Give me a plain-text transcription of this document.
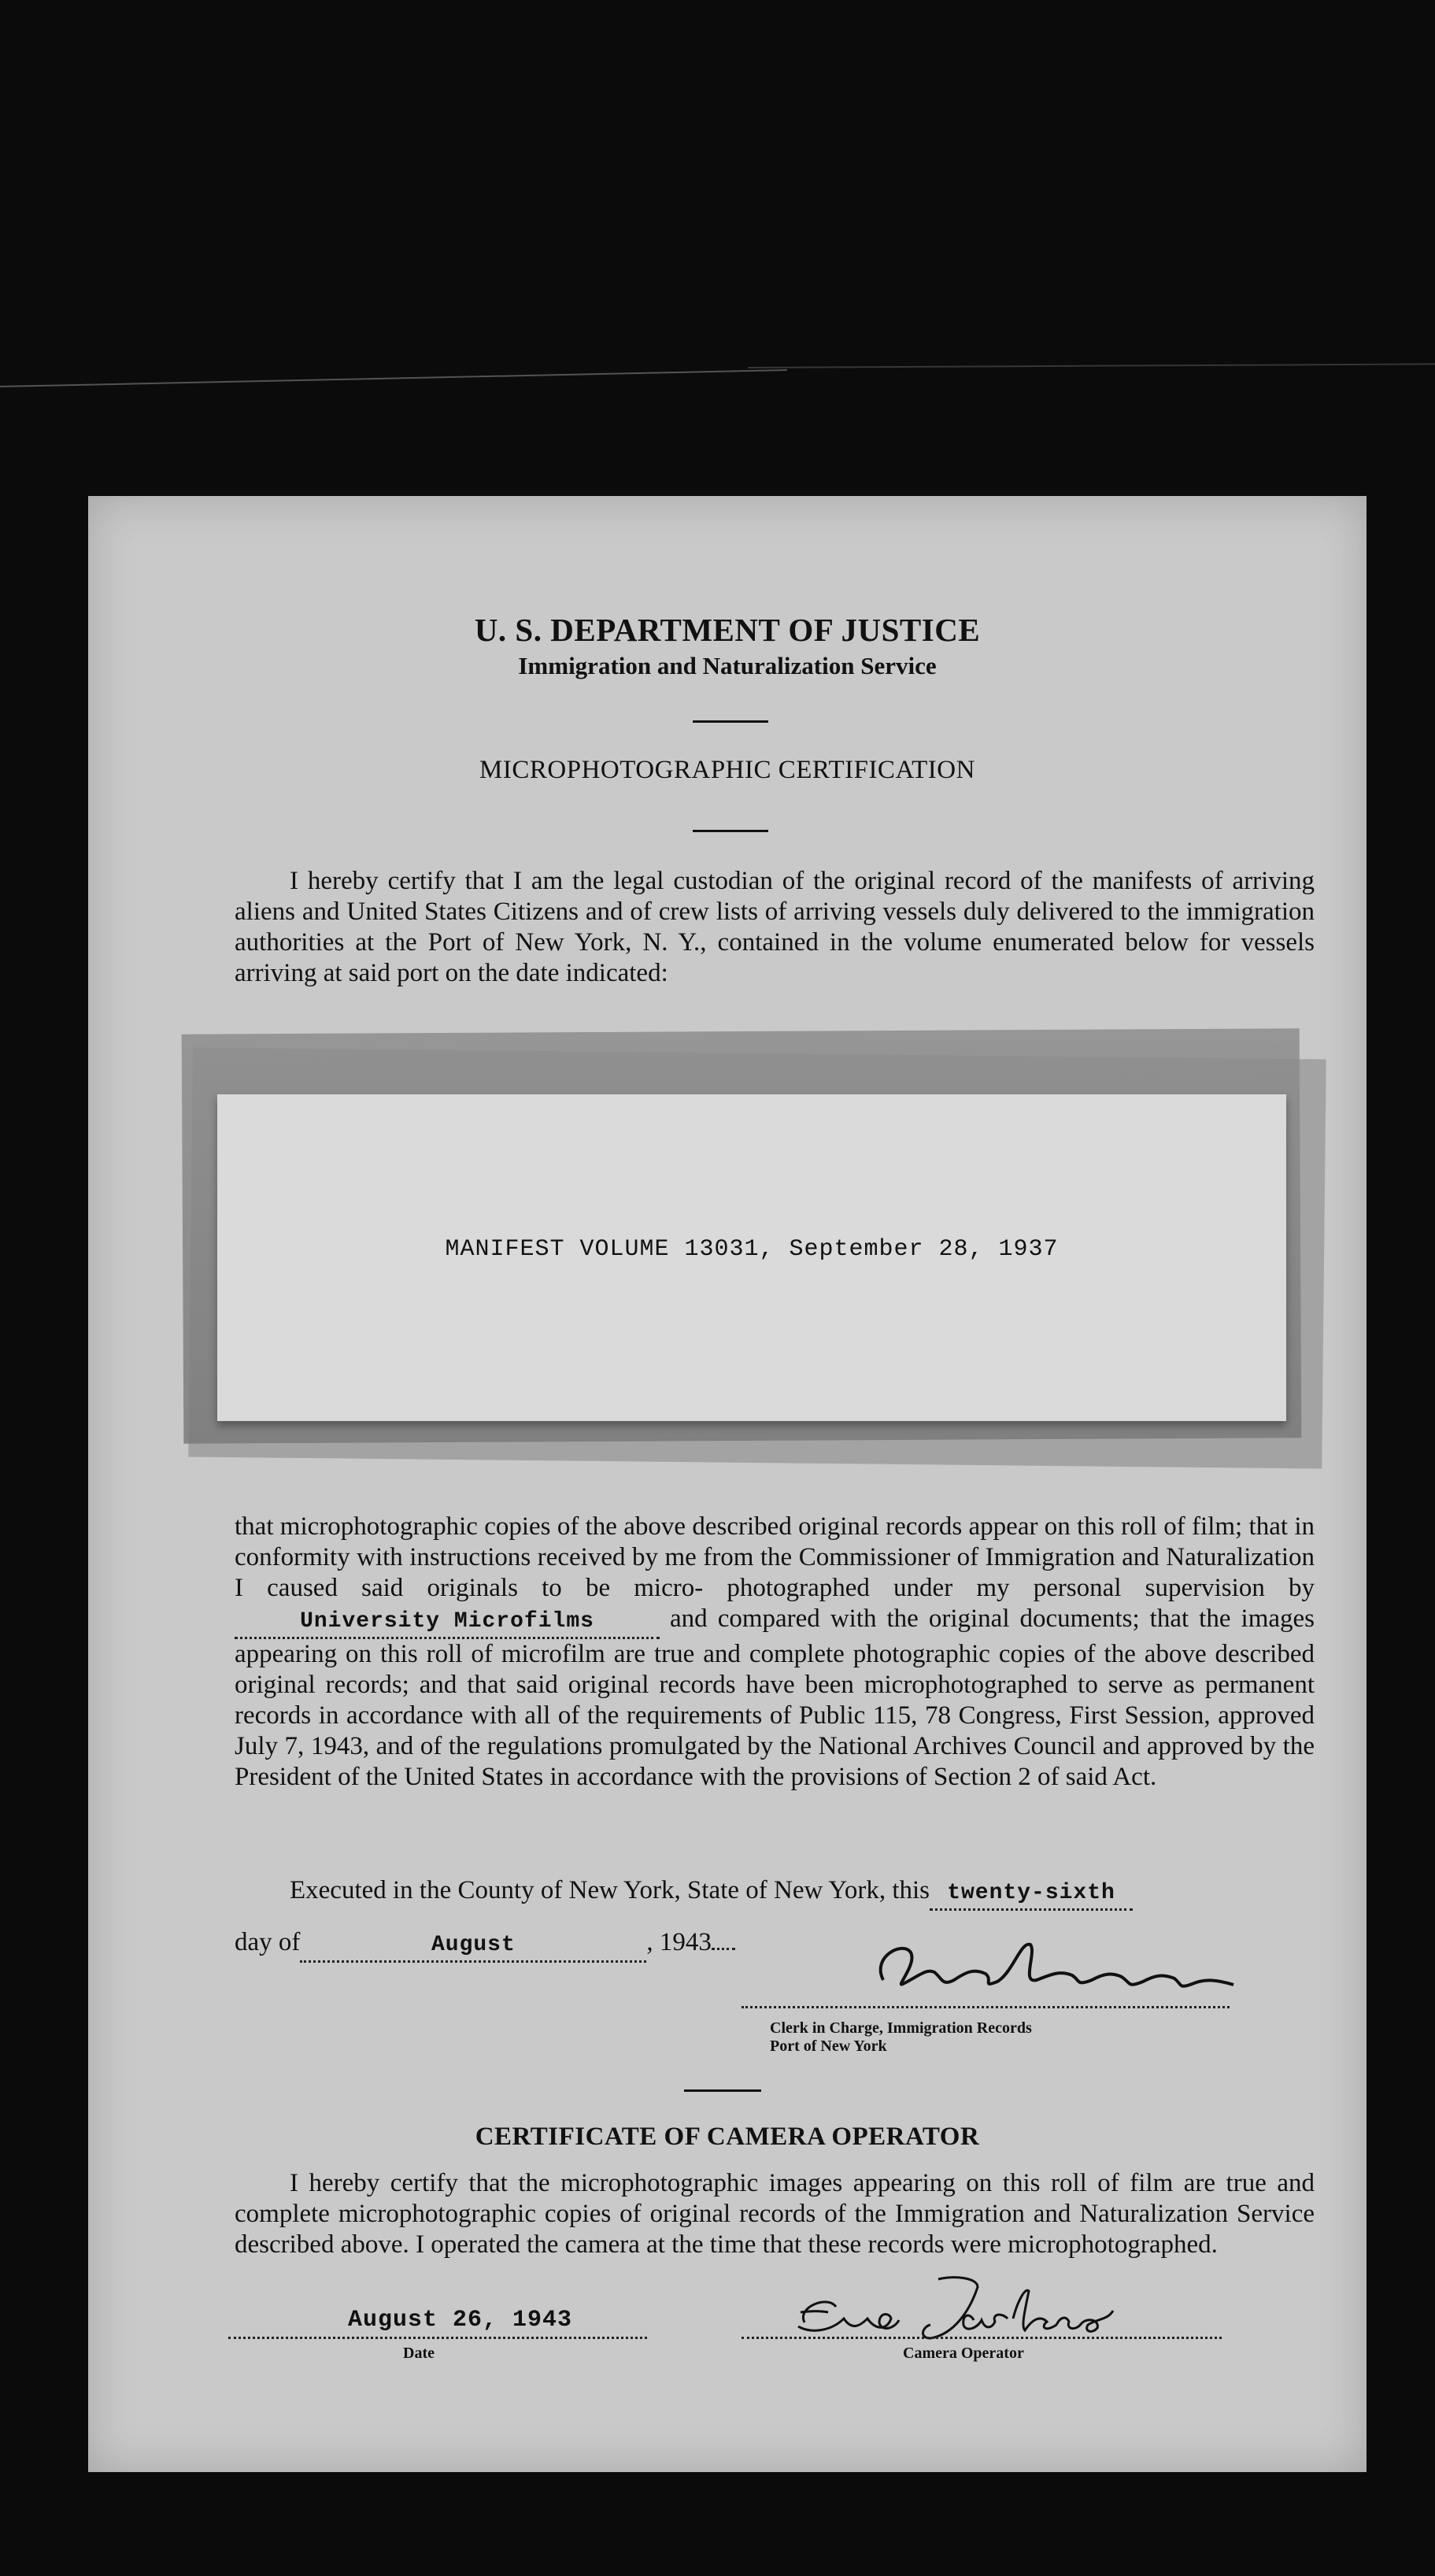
U. S. DEPARTMENT OF JUSTICE
Immigration and Naturalization Service
MICROPHOTOGRAPHIC CERTIFICATION
I hereby certify that I am the legal custodian of the original record of the manifests of arriving aliens and United States Citizens and of crew lists of arriving vessels duly delivered to the immigration authorities at the Port of New York, N. Y., contained in the volume enumerated below for vessels arriving at said port on the date indicated:
MANIFEST VOLUME 13031, September 28, 1937
that microphotographic copies of the above described original records appear on this roll of film; that in conformity with instructions received by me from the Commissioner of Immigration and Naturalization I caused said originals to be micro- photographed under my personal supervision byUniversity Microfilms	and compared with the original documents; that the images appearing on this roll of microfilm are true and complete photographic copies of the above described original records; and that said original records have been microphotographed to serve as permanent records in accordance with all of the requirements of Public 115, 78 Congress, First Session, approved July 7, 1943, and of the regulations promulgated by the National Archives Council and approved by the President of the United States in accordance with the provisions of Section 2 of said Act.
Executed in the County of New York, State of New York, this twenty-sixth
day of	August	, 1943
Clerk in Charge, Immigration Records
Port of New York
CERTIFICATE OF CAMERA OPERATOR
I hereby certify that the microphotographic images appearing on this roll of film are true and complete microphotographic copies of original records of the Immigration and Naturalization Service described above. I operated the camera at the time that these records were microphotographed.
August 26, 1943
Date	Camera Operator
